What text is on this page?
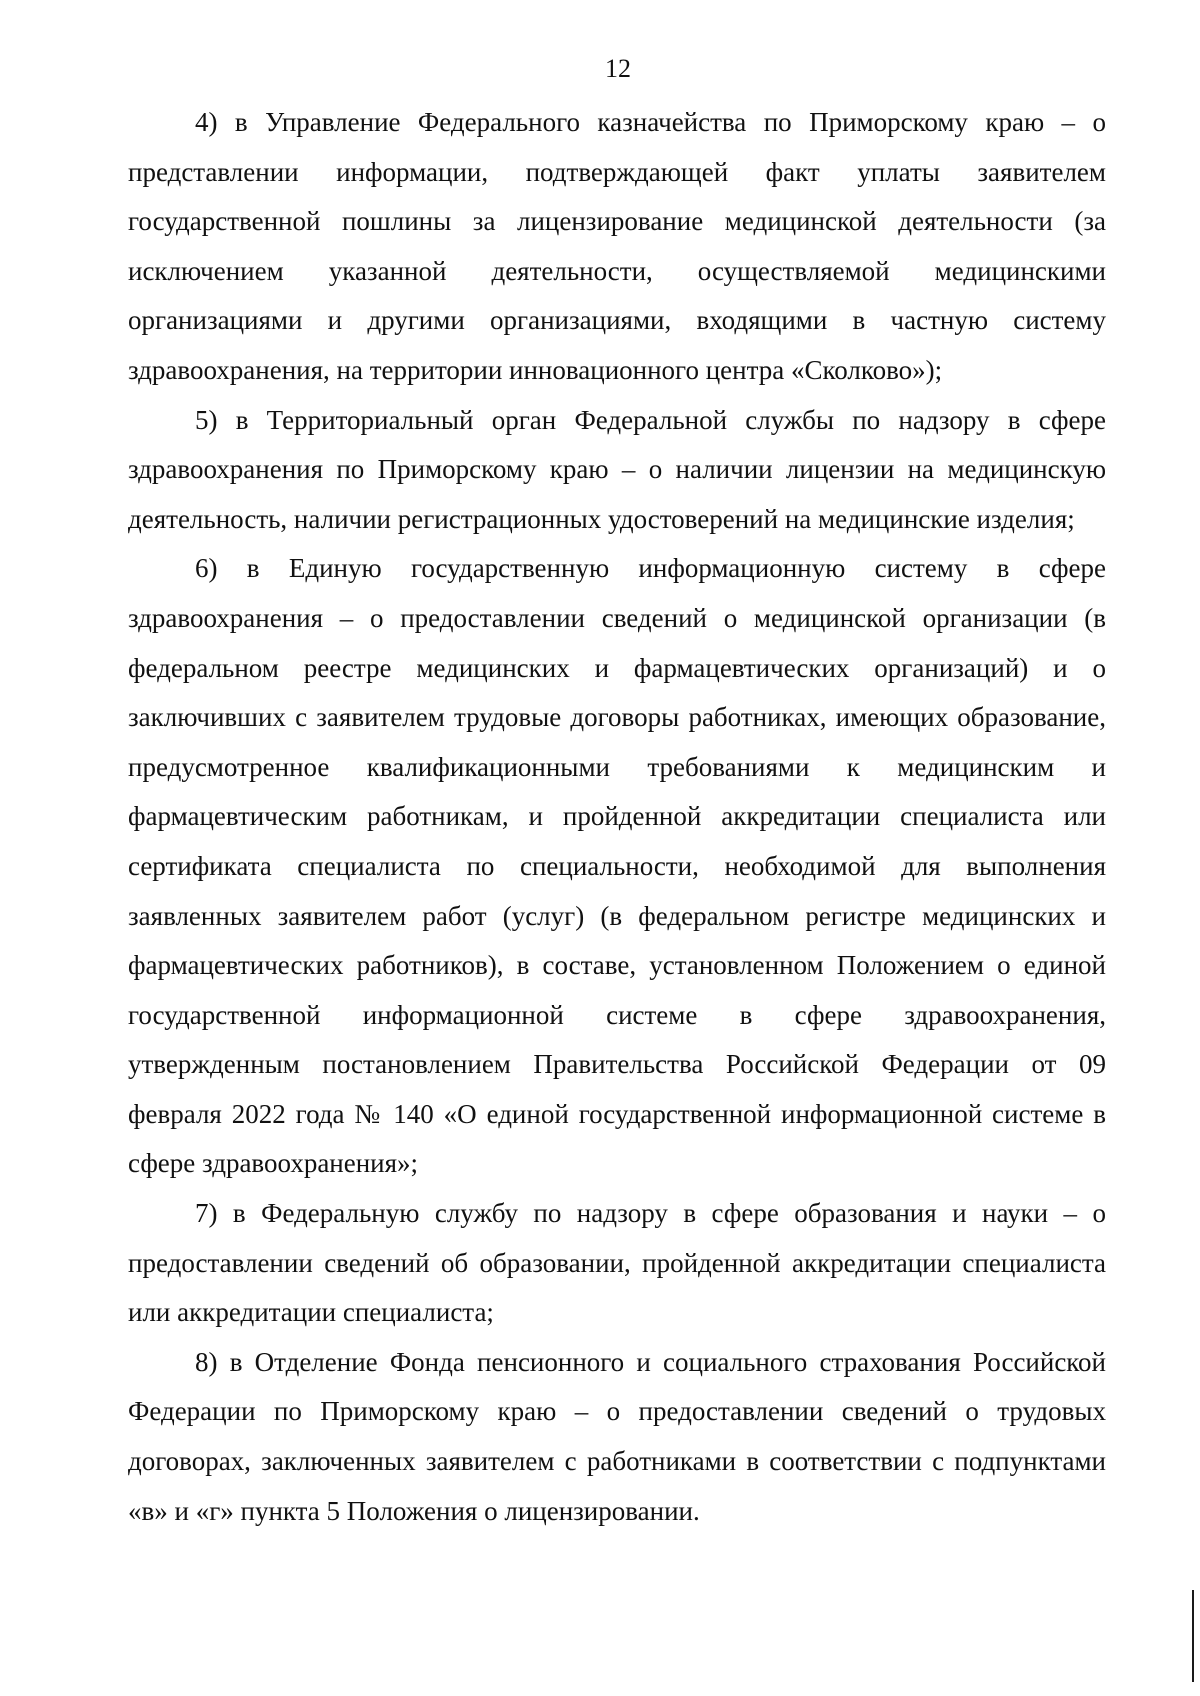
12

4) в Управление Федерального казначейства по Приморскому краю – о представлении информации, подтверждающей факт уплаты заявителем государственной пошлины за лицензирование медицинской деятельности (за исключением указанной деятельности, осуществляемой медицинскими организациями и другими организациями, входящими в частную систему здравоохранения, на территории инновационного центра «Сколково»);

5) в Территориальный орган Федеральной службы по надзору в сфере здравоохранения по Приморскому краю – о наличии лицензии на медицинскую деятельность, наличии регистрационных удостоверений на медицинские изделия;

6) в Единую государственную информационную систему в сфере здравоохранения – о предоставлении сведений о медицинской организации (в федеральном реестре медицинских и фармацевтических организаций) и о заключивших с заявителем трудовые договоры работниках, имеющих образование, предусмотренное квалификационными требованиями к медицинским и фармацевтическим работникам, и пройденной аккредитации специалиста или сертификата специалиста по специальности, необходимой для выполнения заявленных заявителем работ (услуг) (в федеральном регистре медицинских и фармацевтических работников), в составе, установленном Положением о единой государственной информационной системе в сфере здравоохранения, утвержденным постановлением Правительства Российской Федерации от 09 февраля 2022 года № 140 «О единой государственной информационной системе в сфере здравоохранения»;

7) в Федеральную службу по надзору в сфере образования и науки – о предоставлении сведений об образовании, пройденной аккредитации специалиста или аккредитации специалиста;

8) в Отделение Фонда пенсионного и социального страхования Российской Федерации по Приморскому краю – о предоставлении сведений о трудовых договорах, заключенных заявителем с работниками в соответствии с подпунктами «в» и «г» пункта 5 Положения о лицензировании.
